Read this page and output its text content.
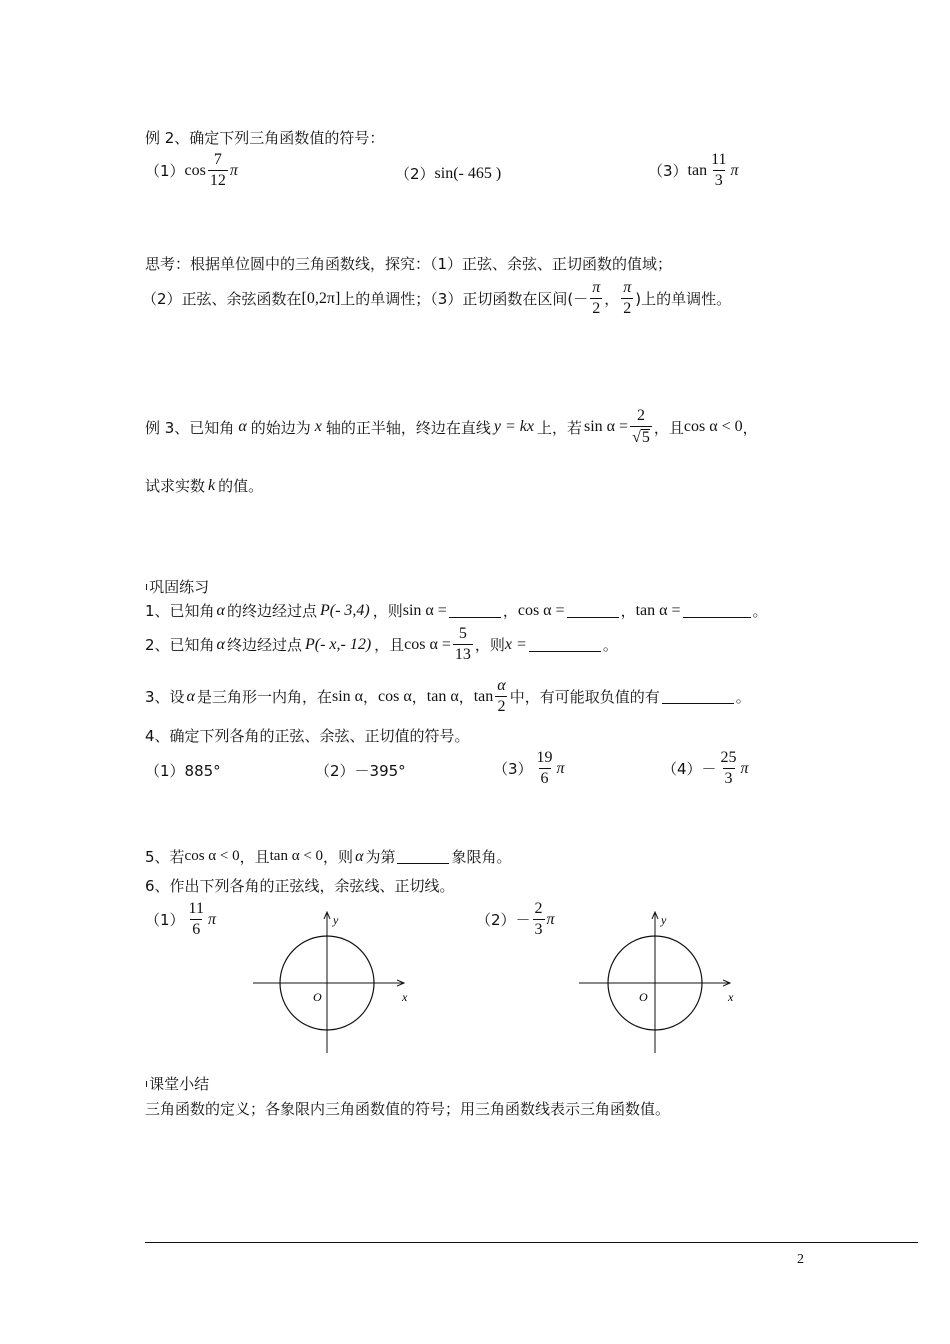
例 2、确定下列三角函数值的符号：
（1） $\cos \frac{7}{12}$ π	（2） sin(- 465 )	（3） $\tan \frac{11}{3}$ π
思考：根据单位圆中的三角函数线，探究：（1）正弦、余弦、正切函数的值域；
（2）正弦、余弦函数在 [0,2π] 上的单调性；（3）正切函数在区间(－ $\frac{\pi}{2}$ ， $\frac{\pi}{2}$ )上的单调性。
例 3、已知角 α 的始边为 x 轴的正半轴，终边在直线 y = kx 上，若 $\sin \alpha = \frac{2}{√5}$ ，且 cos α < 0 ，
试求实数 k 的值。
ı 巩固练习
1、已知角 α 的终边经过点 P(- 3,4) ，则 sin α =	， cos α =	， tan α =	。
2、已知角 α 终边经过点 P(- x,- 12) ，且 $\cos \alpha = \frac{5}{13}$ ，则 x =	。
3、设 α 是三角形一内角，在 sin α ， cos α ， tan α ， $\tan \frac{\alpha}{2}$ 中，有可能取负值的有	。
4、确定下列各角的正弦、余弦、正切值的符号。
（1）885°	（2）－395°	$(3) \frac{19}{6}$ π	$(4)- \frac{25}{3}$ π
5、若 cos α < 0 ，且 tan α < 0 ，则 α 为第	象限角。
6、作出下列各角的正弦线，余弦线、正切线。
$(1) \frac{11}{6}$ π	$(2)- \frac{2}{3}$ π
y
x
O
y
x
O
ı 课堂小结
三角函数的定义；各象限内三角函数值的符号；用三角函数线表示三角函数值。
2
